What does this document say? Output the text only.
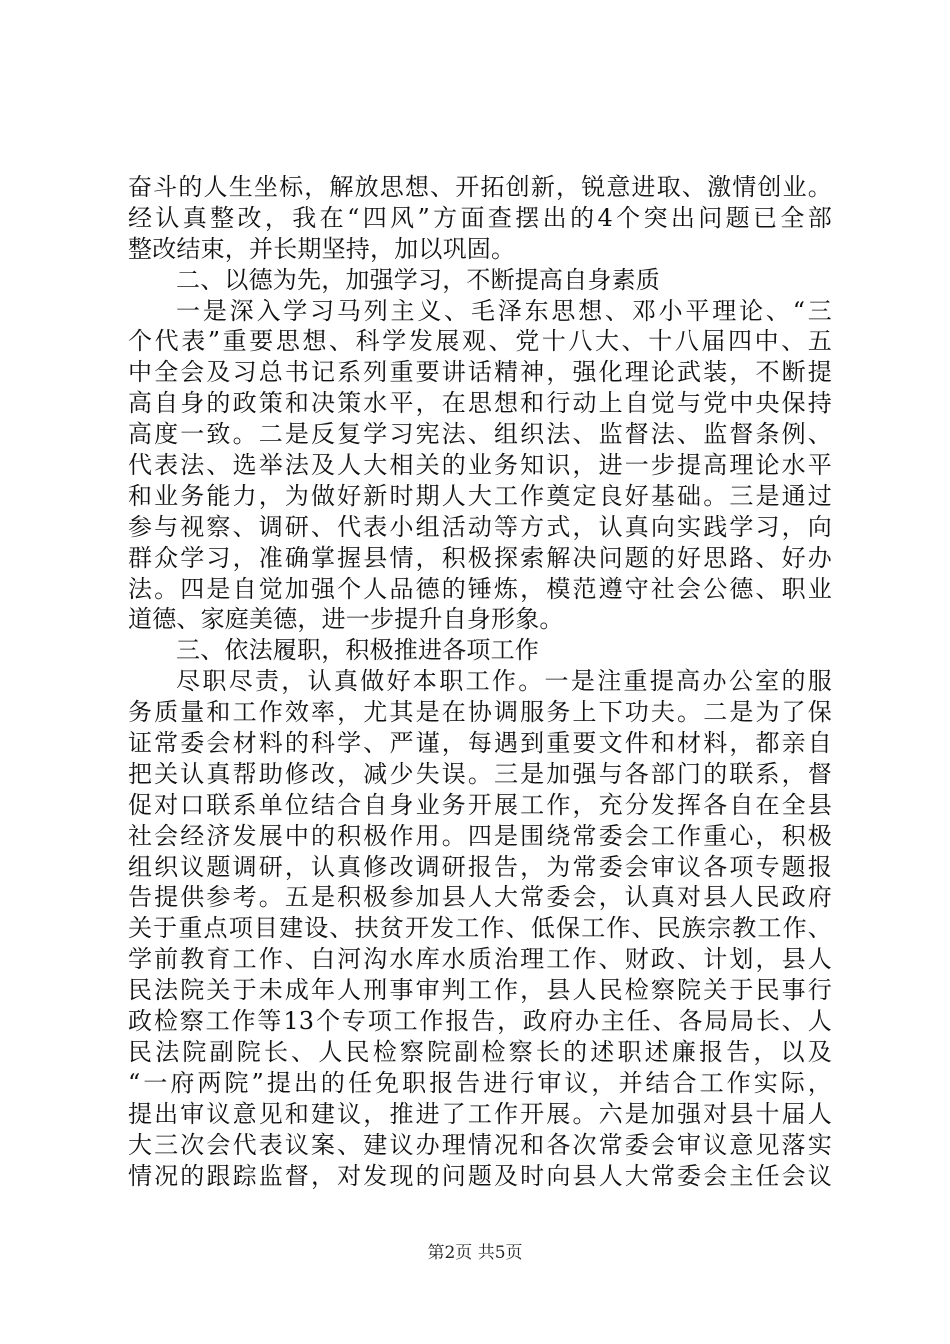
奋斗的人生坐标，解放思想、开拓创新，锐意进取、激情创业。
经认真整改，我在“四风”方面查摆出的4个突出问题已全部
整改结束，并长期坚持，加以巩固。
二、以德为先，加强学习，不断提高自身素质
一是深入学习马列主义、毛泽东思想、邓小平理论、“三
个代表”重要思想、科学发展观、党十八大、十八届四中、五
中全会及习总书记系列重要讲话精神，强化理论武装，不断提
高自身的政策和决策水平，在思想和行动上自觉与党中央保持
高度一致。二是反复学习宪法、组织法、监督法、监督条例、
代表法、选举法及人大相关的业务知识，进一步提高理论水平
和业务能力，为做好新时期人大工作奠定良好基础。三是通过
参与视察、调研、代表小组活动等方式，认真向实践学习，向
群众学习，准确掌握县情，积极探索解决问题的好思路、好办
法。四是自觉加强个人品德的锤炼，模范遵守社会公德、职业
道德、家庭美德，进一步提升自身形象。
三、依法履职，积极推进各项工作
尽职尽责，认真做好本职工作。一是注重提高办公室的服
务质量和工作效率，尤其是在协调服务上下功夫。二是为了保
证常委会材料的科学、严谨，每遇到重要文件和材料，都亲自
把关认真帮助修改，减少失误。三是加强与各部门的联系，督
促对口联系单位结合自身业务开展工作，充分发挥各自在全县
社会经济发展中的积极作用。四是围绕常委会工作重心，积极
组织议题调研，认真修改调研报告，为常委会审议各项专题报
告提供参考。五是积极参加县人大常委会，认真对县人民政府
关于重点项目建设、扶贫开发工作、低保工作、民族宗教工作、
学前教育工作、白河沟水库水质治理工作、财政、计划，县人
民法院关于未成年人刑事审判工作，县人民检察院关于民事行
政检察工作等13个专项工作报告，政府办主任、各局局长、人
民法院副院长、人民检察院副检察长的述职述廉报告，以及
“一府两院”提出的任免职报告进行审议，并结合工作实际，
提出审议意见和建议，推进了工作开展。六是加强对县十届人
大三次会代表议案、建议办理情况和各次常委会审议意见落实
情况的跟踪监督，对发现的问题及时向县人大常委会主任会议
第2页 共5页
